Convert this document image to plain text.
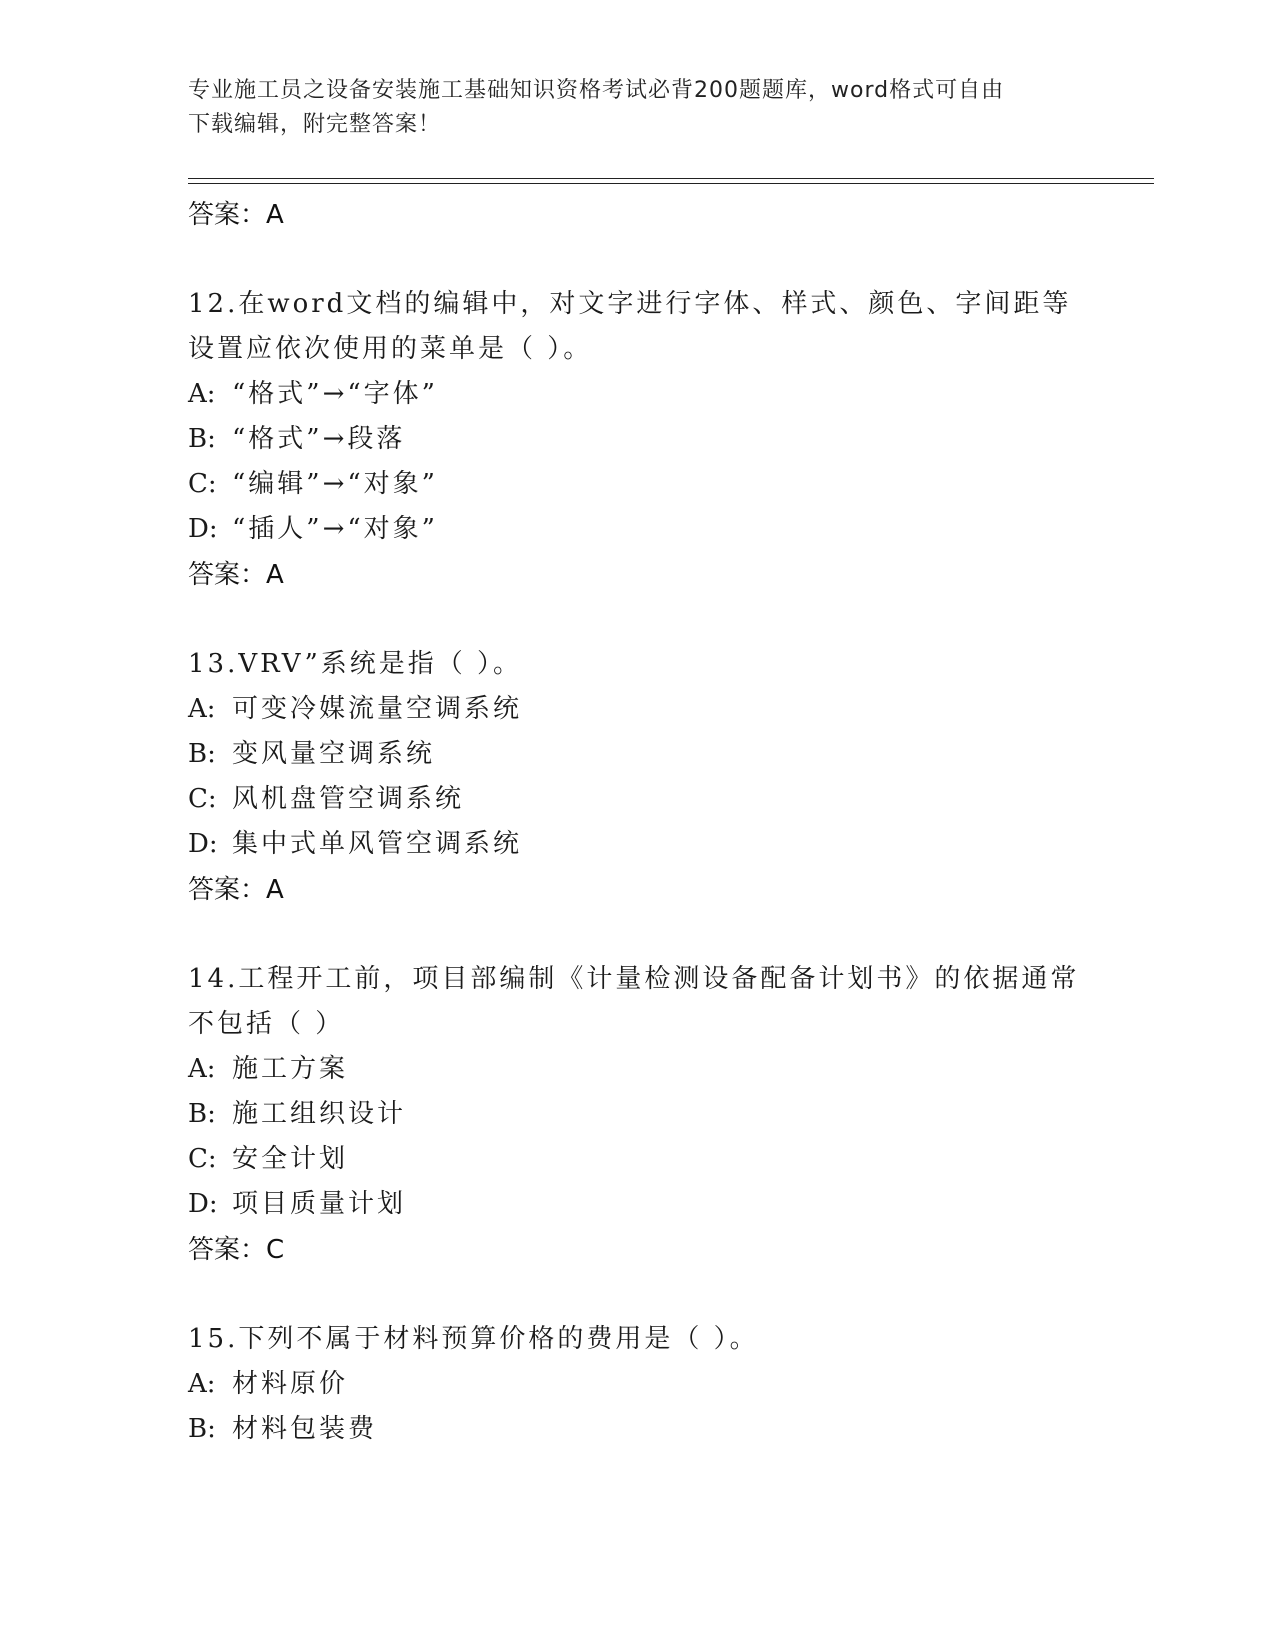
专业施工员之设备安装施工基础知识资格考试必背200题题库，word格式可自由
下载编辑，附完整答案！
答案：A
12.在word文档的编辑中，对文字进行字体、样式、颜色、字间距等
设置应依次使用的菜单是（ ）。
A: “格式”→“字体”
B: “格式”→段落
C: “编辑”→“对象”
D: “插人”→“对象”
答案：A
13.VRV”系统是指（ ）。
A: 可变冷媒流量空调系统
B: 变风量空调系统
C: 风机盘管空调系统
D: 集中式单风管空调系统
答案：A
14.工程开工前，项目部编制《计量检测设备配备计划书》的依据通常
不包括（ ）
A: 施工方案
B: 施工组织设计
C: 安全计划
D: 项目质量计划
答案：C
15.下列不属于材料预算价格的费用是（ ）。
A: 材料原价
B: 材料包装费
